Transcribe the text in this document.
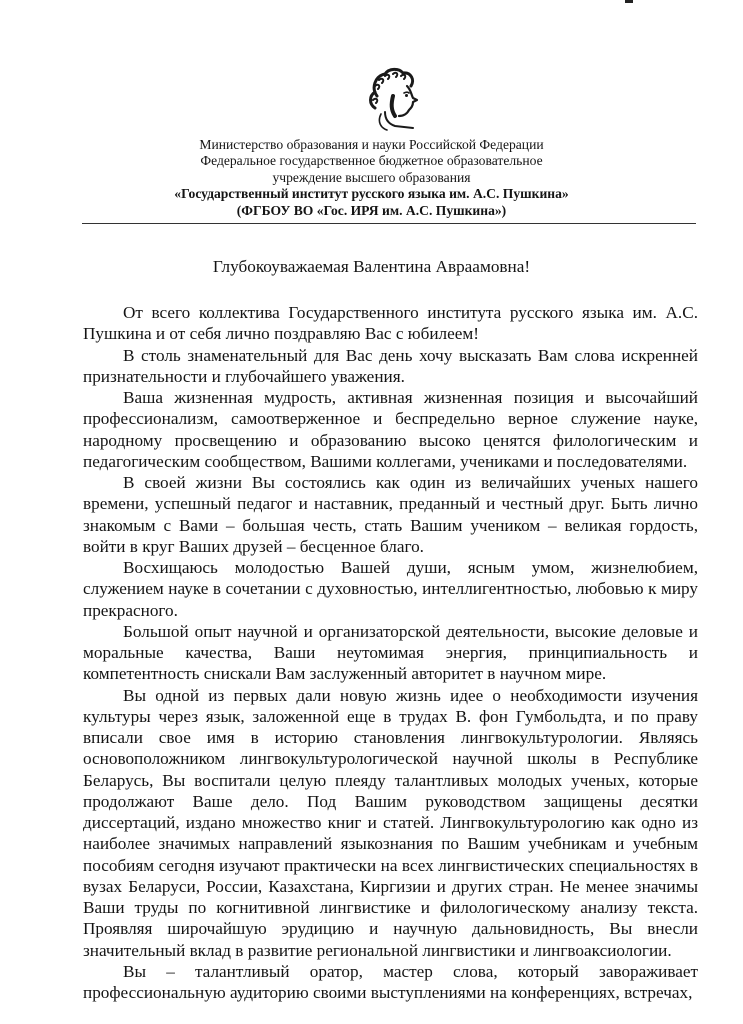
Министерство образования и науки Российской Федерации
Федеральное государственное бюджетное образовательное
учреждение высшего образования
«Государственный институт русского языка им. А.С. Пушкина»
(ФГБОУ ВО «Гос. ИРЯ им. А.С. Пушкина»)
Глубокоуважаемая Валентина Авраамовна!

От всего коллектива Государственного института русского языка им. А.С. Пушкина и от себя лично поздравляю Вас с юбилеем!

В столь знаменательный для Вас день хочу высказать Вам слова искренней признательности и глубочайшего уважения.

Ваша жизненная мудрость, активная жизненная позиция и высочайший профессионализм, самоотверженное и беспредельно верное служение науке, народному просвещению и образованию высоко ценятся филологическим и педагогическим сообществом, Вашими коллегами, учениками и последователями.

В своей жизни Вы состоялись как один из величайших ученых нашего времени, успешный педагог и наставник, преданный и честный друг. Быть лично знакомым с Вами – большая честь, стать Вашим учеником – великая гордость, войти в круг Ваших друзей – бесценное благо.

Восхищаюсь молодостью Вашей души, ясным умом, жизнелюбием, служением науке в сочетании с духовностью, интеллигентностью, любовью к миру прекрасного.

Большой опыт научной и организаторской деятельности, высокие деловые и моральные качества, Ваши неутомимая энергия, принципиальность и компетентность снискали Вам заслуженный авторитет в научном мире.

Вы одной из первых дали новую жизнь идее о необходимости изучения культуры через язык, заложенной еще в трудах В. фон Гумбольдта, и по праву вписали свое имя в историю становления лингвокультурологии. Являясь основоположником лингвокультурологической научной школы в Республике Беларусь, Вы воспитали целую плеяду талантливых молодых ученых, которые продолжают Ваше дело. Под Вашим руководством защищены десятки диссертаций, издано множество книг и статей. Лингвокультурологию как одно из наиболее значимых направлений языкознания по Вашим учебникам и учебным пособиям сегодня изучают практически на всех лингвистических специальностях в вузах Беларуси, России, Казахстана, Киргизии и других стран. Не менее значимы Ваши труды по когнитивной лингвистике и филологическому анализу текста. Проявляя широчайшую эрудицию и научную дальновидность, Вы внесли значительный вклад в развитие региональной лингвистики и лингвоаксиологии.

Вы – талантливый оратор, мастер слова, который завораживает профессиональную аудиторию своими выступлениями на конференциях, встречах,
